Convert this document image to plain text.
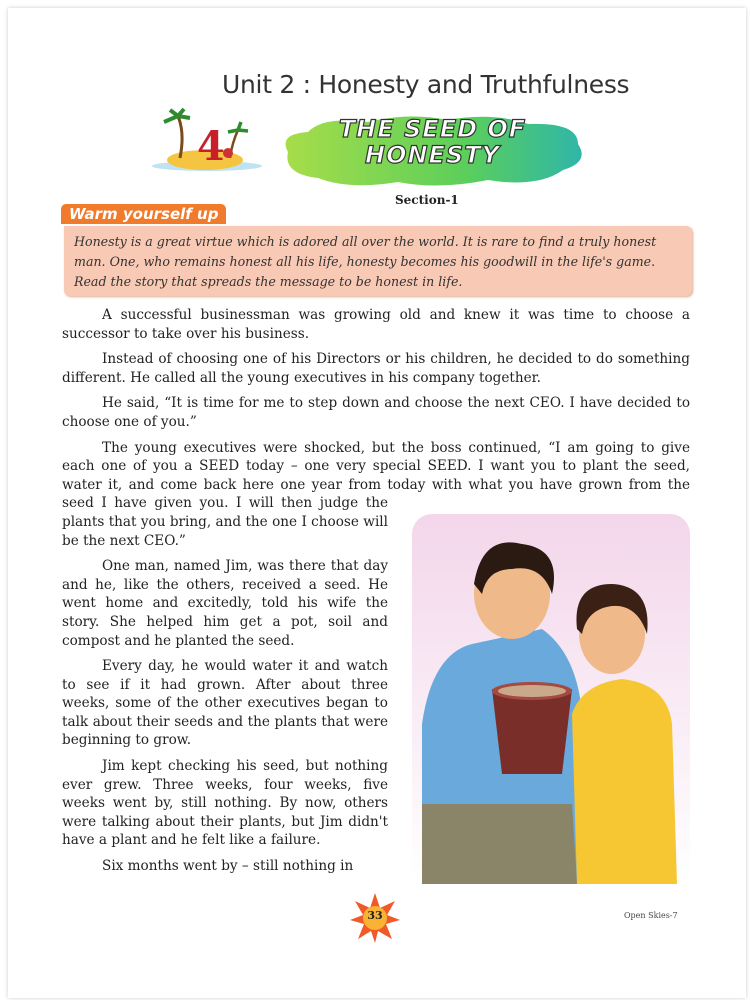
Unit 2 : Honesty and Truthfulness
4	THE SEED OF
HONESTY
Section-1
Warm yourself up
Honesty is a great virtue which is adored all over the world. It is rare to find a truly honest man. One, who remains honest all his life, honesty becomes his goodwill in the life's game. Read the story that spreads the message to be honest in life.

A successful businessman was growing old and knew it was time to choose a successor to take over his business.

Instead of choosing one of his Directors or his children, he decided to do something different. He called all the young executives in his company together.

He said, “It is time for me to step down and choose the next CEO. I have decided to choose one of you.”

The young executives were shocked, but the boss continued, “I am going to give each one of you a SEED today – one very special SEED. I want you to plant the seed, water it, and come back here one year from today with what you have grown from the seed I have given you. I will then judge the plants that you bring, and the one I choose will be the next CEO.”

One man, named Jim, was there that day and he, like the others, received a seed. He went home and excitedly, told his wife the story. She helped him get a pot, soil and compost and he planted the seed.

Every day, he would water it and watch to see if it had grown. After about three weeks, some of the other executives began to talk about their seeds and the plants that were beginning to grow.

Jim kept checking his seed, but nothing ever grew. Three weeks, four weeks, five weeks went by, still nothing. By now, others were talking about their plants, but Jim didn't have a plant and he felt like a failure.

Six months went by – still nothing in

33	Open Skies-7
